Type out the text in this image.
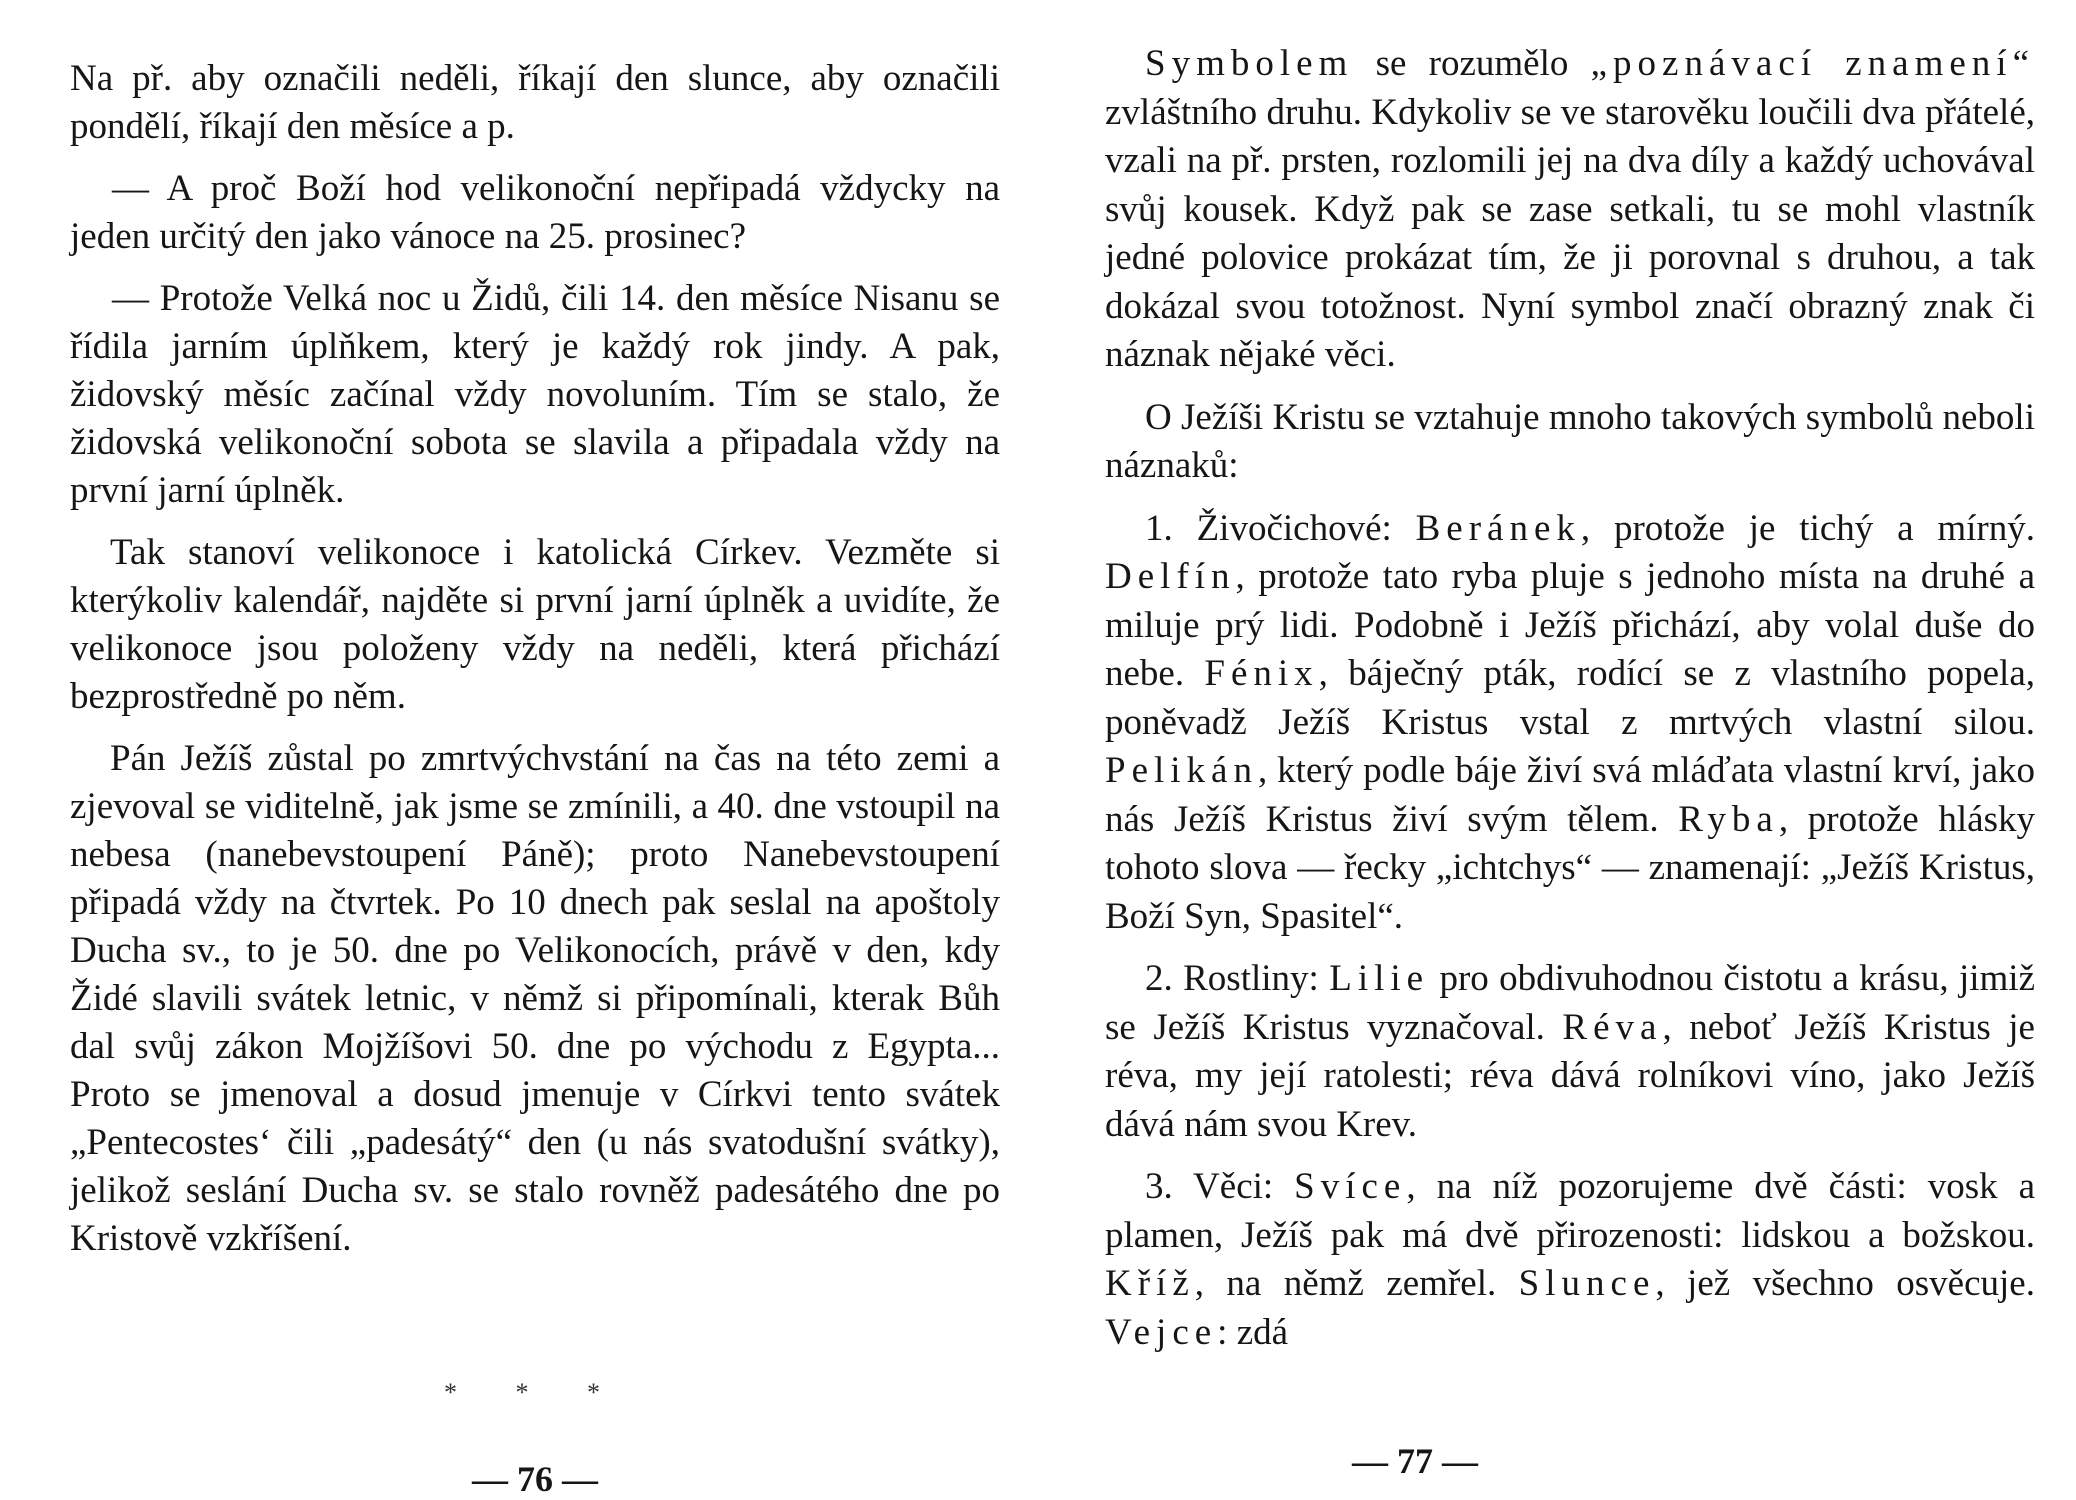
Na př. aby označili neděli, říkají den slunce, aby označili pondělí, říkají den měsíce a p.

— A proč Boží hod velikonoční nepřipadá vždycky na jeden určitý den jako vánoce na 25. prosinec?

— Protože Velká noc u Židů, čili 14. den měsíce Nisanu se řídila jarním úplňkem, který je každý rok jindy. A pak, židovský měsíc začínal vždy novoluním. Tím se stalo, že židovská velikonoční sobota se slavila a připadala vždy na první jarní úplněk.

Tak stanoví velikonoce i katolická Církev. Vezměte si kterýkoliv kalendář, najděte si první jarní úplněk a uvidíte, že velikonoce jsou položeny vždy na neděli, která přichází bezprostředně po něm.

Pán Ježíš zůstal po zmrtvýchvstání na čas na této zemi a zjevoval se viditelně, jak jsme se zmínili, a 40. dne vstoupil na nebesa (nanebevstoupení Páně); proto Nanebevstoupení připadá vždy na čtvrtek. Po 10 dnech pak seslal na apoštoly Ducha sv., to je 50. dne po Velikonocích, právě v den, kdy Židé slavili svátek letnic, v němž si připomínali, kterak Bůh dal svůj zákon Mojžíšovi 50. dne po východu z Egypta... Proto se jmenoval a dosud jmenuje v Církvi tento svátek „Pentecostes‘ čili „padesátý“ den (u nás svatodušní svátky), jelikož seslání Ducha sv. se stalo rovněž padesátého dne po Kristově vzkříšení.

* * *
— 76 —

Symbolem se rozumělo „poznávací znamení“ zvláštního druhu. Kdykoliv se ve starověku loučili dva přátelé, vzali na př. prsten, rozlomili jej na dva díly a každý uchovával svůj kousek. Když pak se zase setkali, tu se mohl vlastník jedné polovice prokázat tím, že ji porovnal s druhou, a tak dokázal svou totožnost. Nyní symbol značí obrazný znak či náznak nějaké věci.

O Ježíši Kristu se vztahuje mnoho takových symbolů neboli náznaků:

1. Živočichové: Beránek, protože je tichý a mírný. Delfín, protože tato ryba pluje s jednoho místa na druhé a miluje prý lidi. Podobně i Ježíš přichází, aby volal duše do nebe. Fénix, báječný pták, rodící se z vlastního popela, poněvadž Ježíš Kristus vstal z mrtvých vlastní silou. Pelikán, který podle báje živí svá mláďata vlastní krví, jako nás Ježíš Kristus živí svým tělem. Ryba, protože hlásky tohoto slova — řecky „ichtchys“ — znamenají: „Ježíš Kristus, Boží Syn, Spasitel“.

2. Rostliny: Lilie pro obdivuhodnou čistotu a krásu, jimiž se Ježíš Kristus vyznačoval. Réva, neboť Ježíš Kristus je réva, my její ratolesti; réva dává rolníkovi víno, jako Ježíš dává nám svou Krev.

3. Věci: Svíce, na níž pozorujeme dvě části: vosk a plamen, Ježíš pak má dvě přirozenosti: lidskou a božskou. Kříž, na němž zemřel. Slunce, jež všechno osvěcuje. Vejce: zdá

— 77 —
